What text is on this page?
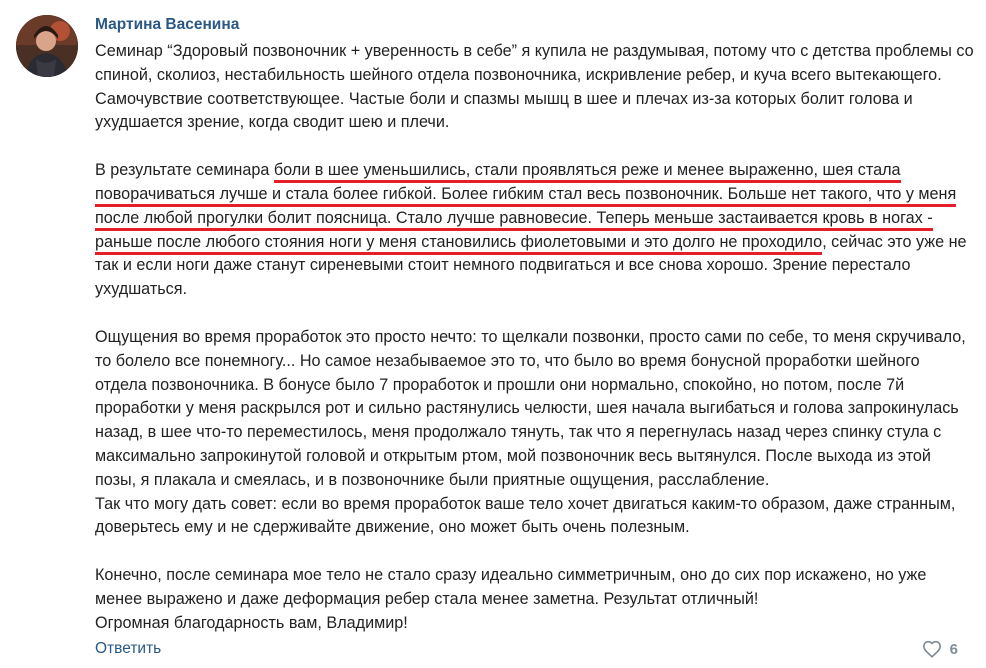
Мартина Васенина

Семинар “Здоровый позвоночник + уверенность в себе” я купила не раздумывая, потому что с детства проблемы со спиной, сколиоз, нестабильность шейного отдела позвоночника, искривление ребер, и куча всего вытекающего. Самочувствие соответствующее. Частые боли и спазмы мышц в шее и плечах из-за которых болит голова и ухудшается зрение, когда сводит шею и плечи.

В результате семинара боли в шее уменьшились, стали проявляться реже и менее выраженно, шея стала поворачиваться лучше и стала более гибкой. Более гибким стал весь позвоночник. Больше нет такого, что у меня после любой прогулки болит поясница. Стало лучше равновесие. Теперь меньше застаивается кровь в ногах - раньше после любого стояния ноги у меня становились фиолетовыми и это долго не проходило, сейчас это уже не так и если ноги даже станут сиреневыми стоит немного подвигаться и все снова хорошо. Зрение перестало ухудшаться.

Ощущения во время проработок это просто нечто: то щелкали позвонки, просто сами по себе, то меня скручивало, то болело все понемногу... Но самое незабываемое это то, что было во время бонусной проработки шейного отдела позвоночника. В бонусе было 7 проработок и прошли они нормально, спокойно, но потом, после 7й проработки у меня раскрылся рот и сильно растянулись челюсти, шея начала выгибаться и голова запрокинулась назад, в шее что-то переместилось, меня продолжало тянуть, так что я перегнулась назад через спинку стула с максимально запрокинутой головой и открытым ртом, мой позвоночник весь вытянулся. После выхода из этой позы, я плакала и смеялась, и в позвоночнике были приятные ощущения, расслабление.
Так что могу дать совет: если во время проработок ваше тело хочет двигаться каким-то образом, даже странным, доверьтесь ему и не сдерживайте движение, оно может быть очень полезным.

Конечно, после семинара мое тело не стало сразу идеально симметричным, оно до сих пор искажено, но уже менее выражено и даже деформация ребер стала менее заметна. Результат отличный!
Огромная благодарность вам, Владимир!

Ответить	6
